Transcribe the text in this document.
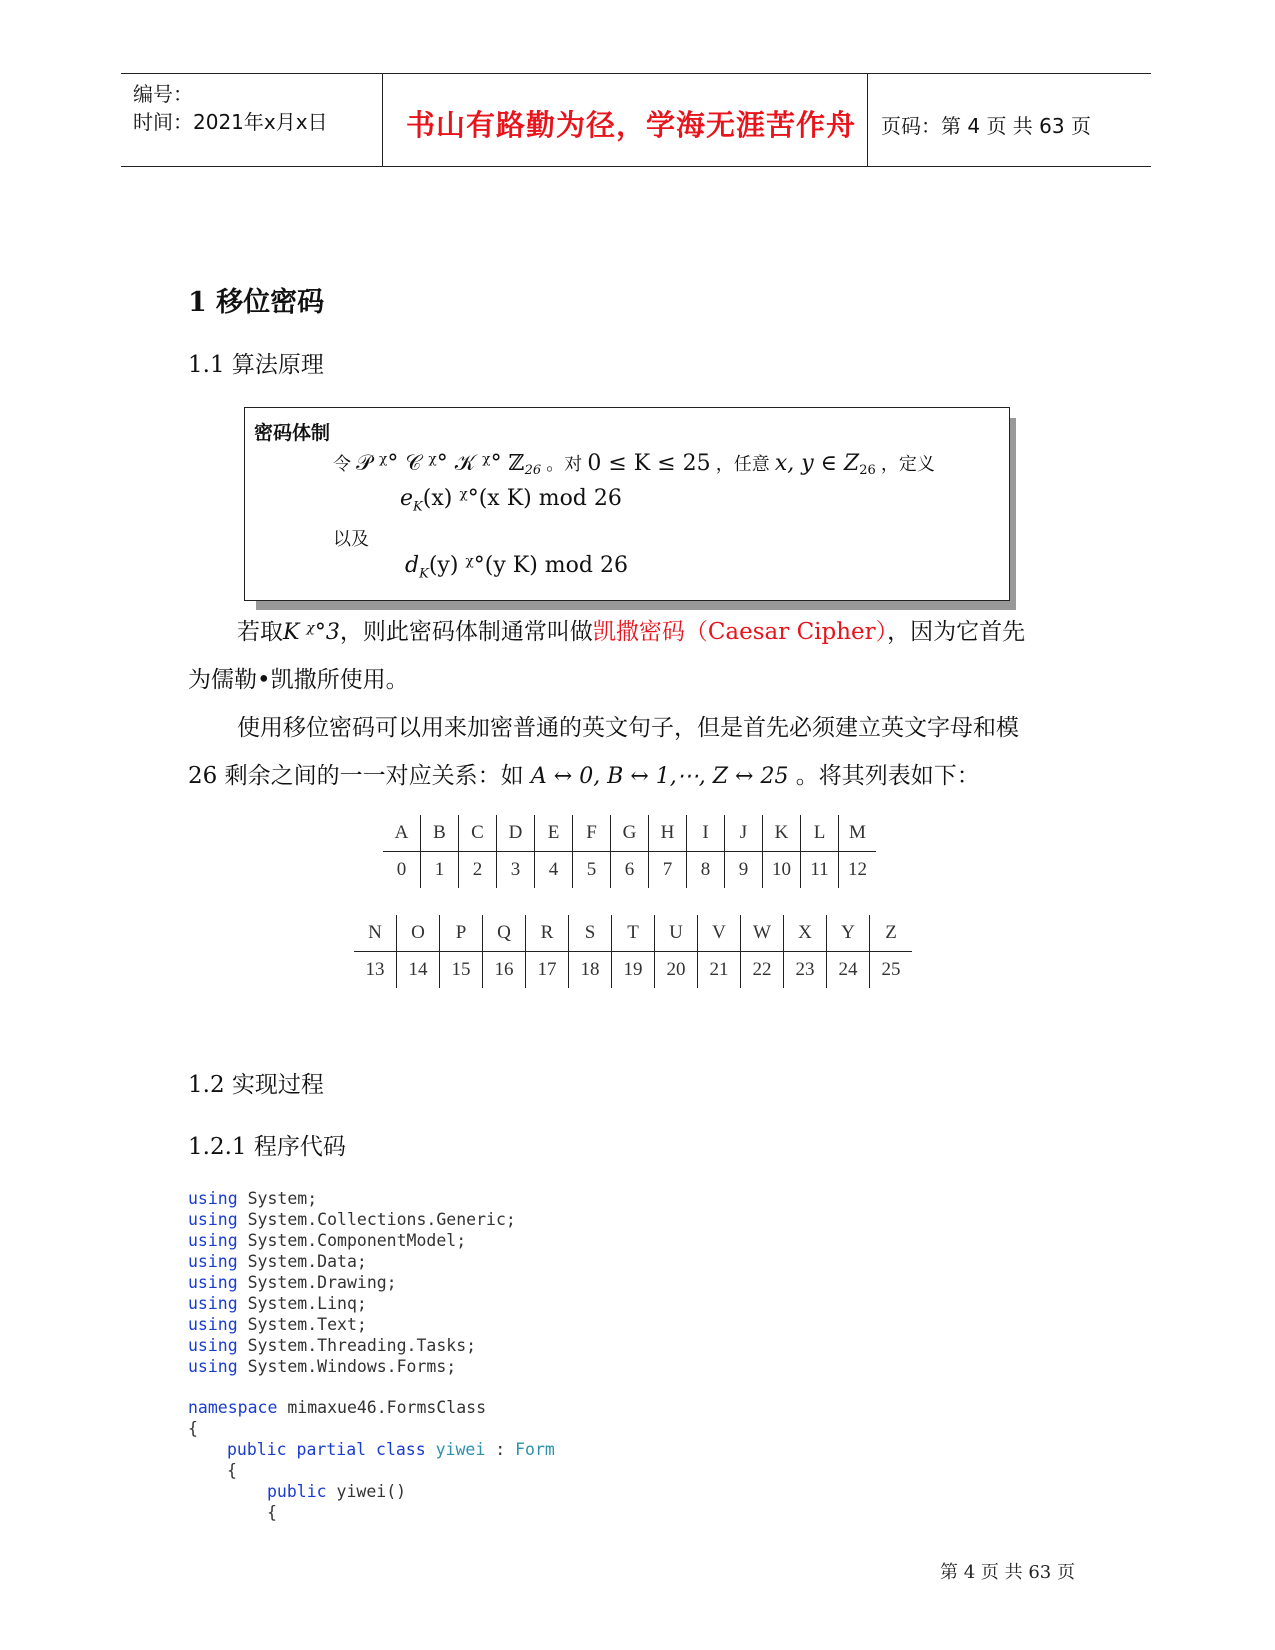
编号：
时间：2021年x月x日	书山有路勤为径，学海无涯苦作舟 页码：第 4 页 共 63 页
1 移位密码
1.1 算法原理
密码体制
令 𝒫 ᵡ° 𝒞 ᵡ° 𝒦 ᵡ° ℤ$_{26}$ 。对 0 ≤ K ≤ 25 ，任意 x, y ∈ $Z_{26}$ ，定义
$e_K(x)$ ᵡ°(x K) mod 26
以及
$d_K(y)$ ᵡ°(y K) mod 26
若取K ᵡ°3，则此密码体制通常叫做凯撒密码（Caesar Cipher），因为它首先
为儒勒•凯撒所使用。
使用移位密码可以用来加密普通的英文句子，但是首先必须建立英文字母和模
26 剩余之间的一一对应关系：如 A ↔ 0, B ↔ 1,⋯, Z ↔ 25 。将其列表如下：
A	B	C	D	E	F	G	H	I	J	K	L	M
0	1	2	3	4	5	6	7	8	9	10	11	12
N	O	P	Q	R	S	T	U	V	W	X	Y	Z
13	14	15	16	17	18	19	20	21	22	23	24	25
1.2 实现过程
1.2.1 程序代码
using System;
using System.Collections.Generic;
using System.ComponentModel;
using System.Data;
using System.Drawing;
using System.Linq;
using System.Text;
using System.Threading.Tasks;
using System.Windows.Forms;
namespace mimaxue46.FormsClass
{
public partial class yiwei : Form
{
public yiwei()
{
第 4 页 共 63 页
